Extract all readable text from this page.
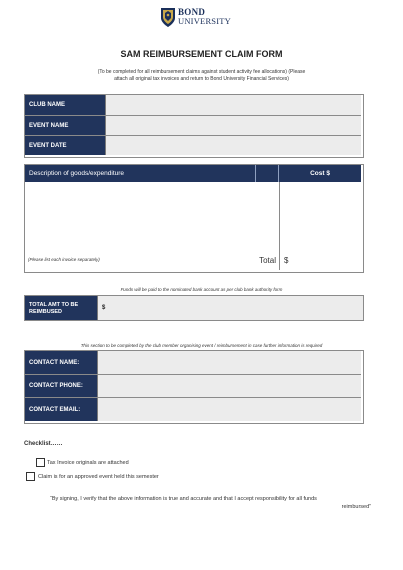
BOND
UNIVERSITY
SAM REIMBURSEMENT CLAIM FORM
(To be completed for all reimbursement claims against student activity fee allocations) (Please
attach all original tax invoices and return to Bond University Financial Services)
CLUB NAME
EVENT NAME
EVENT DATE
Description of goods/expenditure	Cost $
(Please list each invoice separately)	Total $
Funds will be paid to the nominated bank account as per club bank authority form
TOTAL AMT TO BE REIMBUSED
$
This section to be completed by the club member organising event / reimbursement in case further information is required
CONTACT NAME:
CONTACT PHONE:
CONTACT EMAIL:
Checklist……
Tax Invoice originals are attached
Claim is for an approved event held this semester
“By signing, I verify that the above information is true and accurate and that I accept responsibility for all funds
reimbursed”
